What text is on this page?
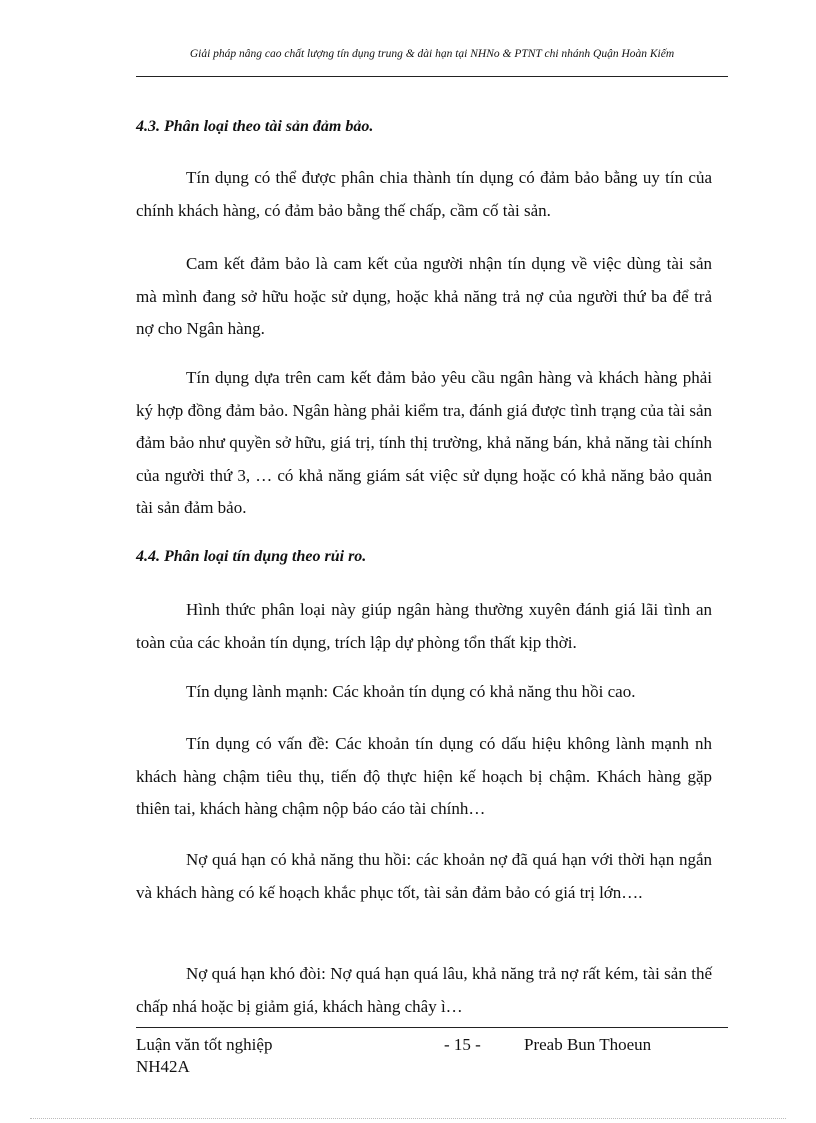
Giải pháp nâng cao chất lượng tín dụng trung & dài hạn tại NHNo & PTNT chi nhánh Quận Hoàn Kiếm
4.3. Phân loại theo tài sản đảm bảo.

Tín dụng có thể được phân chia thành tín dụng có đảm bảo bằng uy tín của chính khách hàng, có đảm bảo bằng thế chấp, cầm cố tài sản.

Cam kết đảm bảo là cam kết của người nhận tín dụng về việc dùng tài sản mà mình đang sở hữu hoặc sử dụng, hoặc khả năng trả nợ của người thứ ba để trả nợ cho Ngân hàng.

Tín dụng dựa trên cam kết đảm bảo yêu cầu ngân hàng và khách hàng phải ký hợp đồng đảm bảo. Ngân hàng phải kiểm tra, đánh giá được tình trạng của tài sản đảm bảo như quyền sở hữu, giá trị, tính thị trường, khả năng bán, khả năng tài chính của người thứ 3, … có khả năng giám sát việc sử dụng hoặc có khả năng bảo quản tài sản đảm bảo.

4.4. Phân loại tín dụng theo rủi ro.

Hình thức phân loại này giúp ngân hàng thường xuyên đánh giá lãi tình an toàn của các khoản tín dụng, trích lập dự phòng tổn thất kịp thời.

Tín dụng lành mạnh: Các khoản tín dụng có khả năng thu hồi cao.

Tín dụng có vấn đề: Các khoản tín dụng có dấu hiệu không lành mạnh nh khách hàng chậm tiêu thụ, tiến độ thực hiện kế hoạch bị chậm. Khách hàng gặp thiên tai, khách hàng chậm nộp báo cáo tài chính…

Nợ quá hạn có khả năng thu hồi: các khoản nợ đã quá hạn với thời hạn ngắn và khách hàng có kế hoạch khắc phục tốt, tài sản đảm bảo có giá trị lớn….

Nợ quá hạn khó đòi: Nợ quá hạn quá lâu, khả năng trả nợ rất kém, tài sản thế chấp nhá hoặc bị giảm giá, khách hàng chây ì…

Luận văn tốt nghiệp
NH42A
- 15 -	Preab Bun Thoeun
